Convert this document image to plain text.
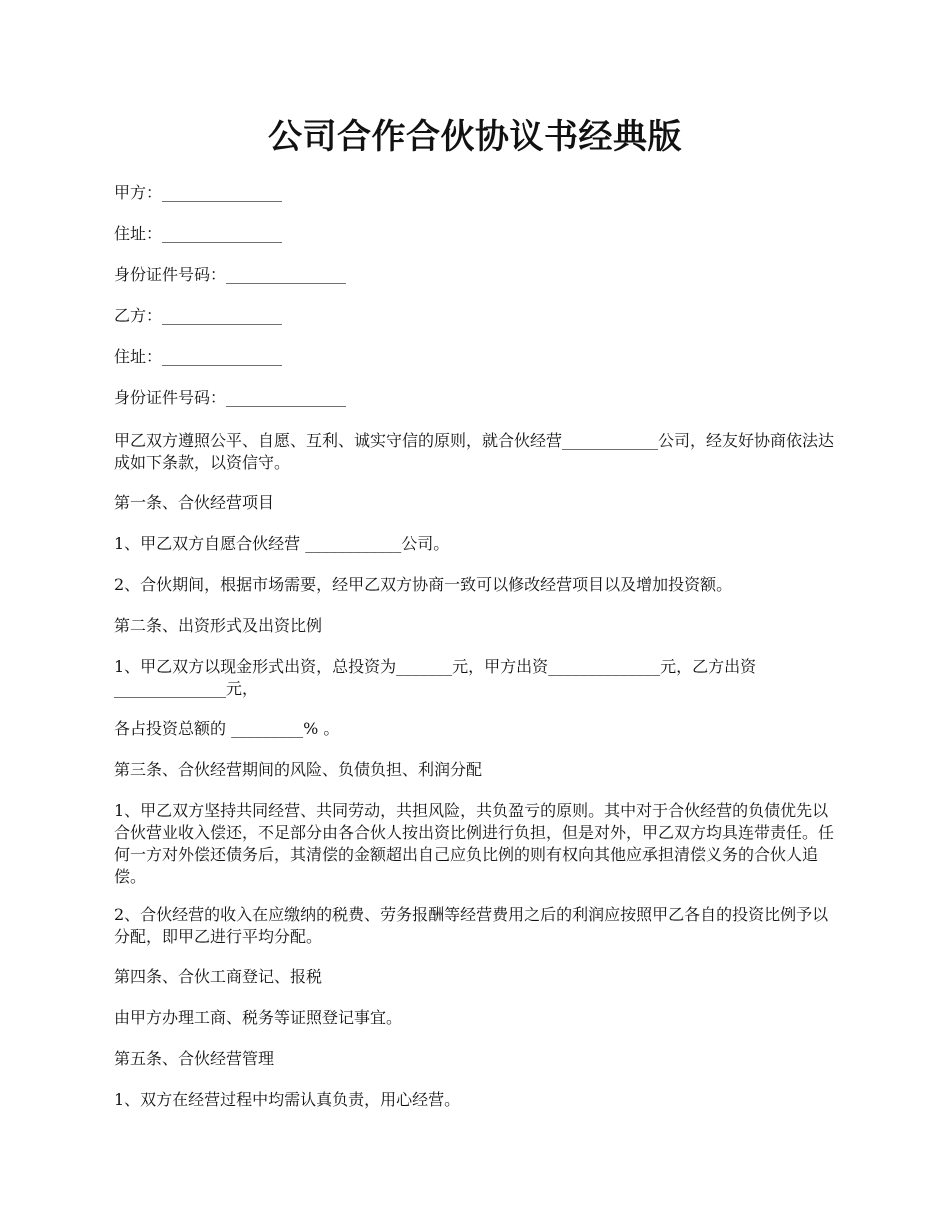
公司合作合伙协议书经典版

甲方：_______________

住址：_______________

身份证件号码：_______________

乙方：_______________

住址：_______________

身份证件号码：_______________

甲乙双方遵照公平、自愿、互利、诚实守信的原则，就合伙经营____________公司，经友好协商依法达成如下条款，以资信守。

第一条、合伙经营项目

1、甲乙双方自愿合伙经营 ____________公司。

2、合伙期间，根据市场需要，经甲乙双方协商一致可以修改经营项目以及增加投资额。

第二条、出资形式及出资比例

1、甲乙双方以现金形式出资，总投资为_______元，甲方出资______________元，乙方出资______________元，

各占投资总额的 _________% 。

第三条、合伙经营期间的风险、负债负担、利润分配

1、甲乙双方坚持共同经营、共同劳动，共担风险，共负盈亏的原则。其中对于合伙经营的负债优先以合伙营业收入偿还，不足部分由各合伙人按出资比例进行负担，但是对外，甲乙双方均具连带责任。任何一方对外偿还债务后，其清偿的金额超出自己应负比例的则有权向其他应承担清偿义务的合伙人追偿。

2、合伙经营的收入在应缴纳的税费、劳务报酬等经营费用之后的利润应按照甲乙各自的投资比例予以分配，即甲乙进行平均分配。

第四条、合伙工商登记、报税

由甲方办理工商、税务等证照登记事宜。

第五条、合伙经营管理

1、双方在经营过程中均需认真负责，用心经营。
